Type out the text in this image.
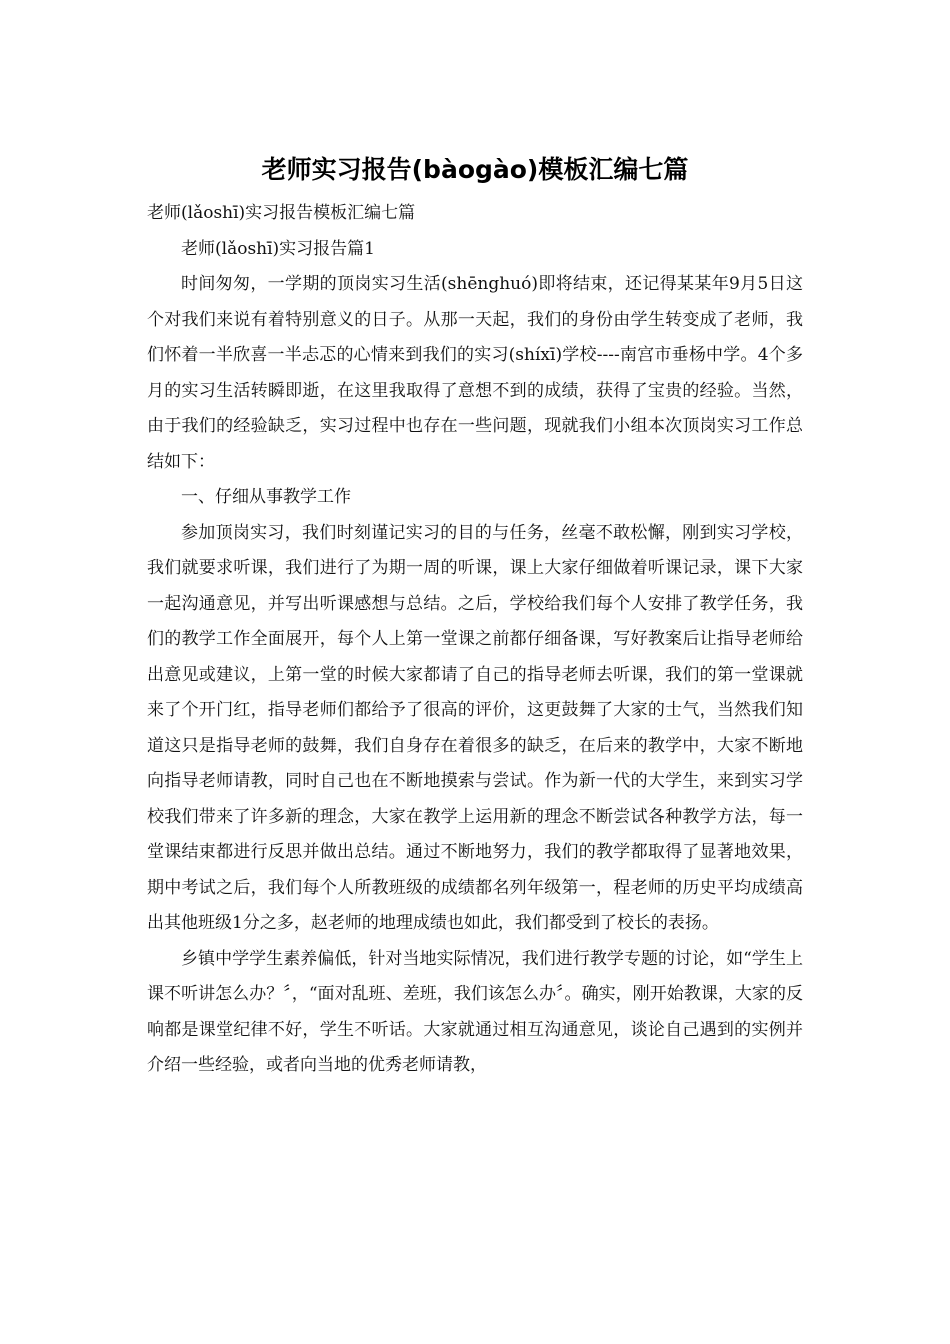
老师实习报告(bàogào)模板汇编七篇

老师(lǎoshī)实习报告模板汇编七篇

老师(lǎoshī)实习报告篇1

时间匆匆，一学期的顶岗实习生活(shēnghuó)即将结束，还记得某某年9月5日这个对我们来说有着特别意义的日子。从那一天起，我们的身份由学生转变成了老师，我们怀着一半欣喜一半忐忑的心情来到我们的实习(shíxī)学校----南宫市垂杨中学。4个多月的实习生活转瞬即逝，在这里我取得了意想不到的成绩，获得了宝贵的经验。当然，由于我们的经验缺乏，实习过程中也存在一些问题，现就我们小组本次顶岗实习工作总结如下：

一、仔细从事教学工作

参加顶岗实习，我们时刻谨记实习的目的与任务，丝毫不敢松懈，刚到实习学校，我们就要求听课，我们进行了为期一周的听课，课上大家仔细做着听课记录，课下大家一起沟通意见，并写出听课感想与总结。之后，学校给我们每个人安排了教学任务，我们的教学工作全面展开，每个人上第一堂课之前都仔细备课，写好教案后让指导老师给出意见或建议，上第一堂的时候大家都请了自己的指导老师去听课，我们的第一堂课就来了个开门红，指导老师们都给予了很高的评价，这更鼓舞了大家的士气，当然我们知道这只是指导老师的鼓舞，我们自身存在着很多的缺乏，在后来的教学中，大家不断地向指导老师请教，同时自己也在不断地摸索与尝试。作为新一代的大学生，来到实习学校我们带来了许多新的理念，大家在教学上运用新的理念不断尝试各种教学方法，每一堂课结束都进行反思并做出总结。通过不断地努力，我们的教学都取得了显著地效果，期中考试之后，我们每个人所教班级的成绩都名列年级第一，程老师的历史平均成绩高出其他班级1分之多，赵老师的地理成绩也如此，我们都受到了校长的表扬。

乡镇中学学生素养偏低，针对当地实际情况，我们进行教学专题的讨论，如“学生上课不听讲怎么办？〞，“面对乱班、差班，我们该怎么办〞。确实，刚开始教课，大家的反响都是课堂纪律不好，学生不听话。大家就通过相互沟通意见，谈论自己遇到的实例并介绍一些经验，或者向当地的优秀老师请教，
